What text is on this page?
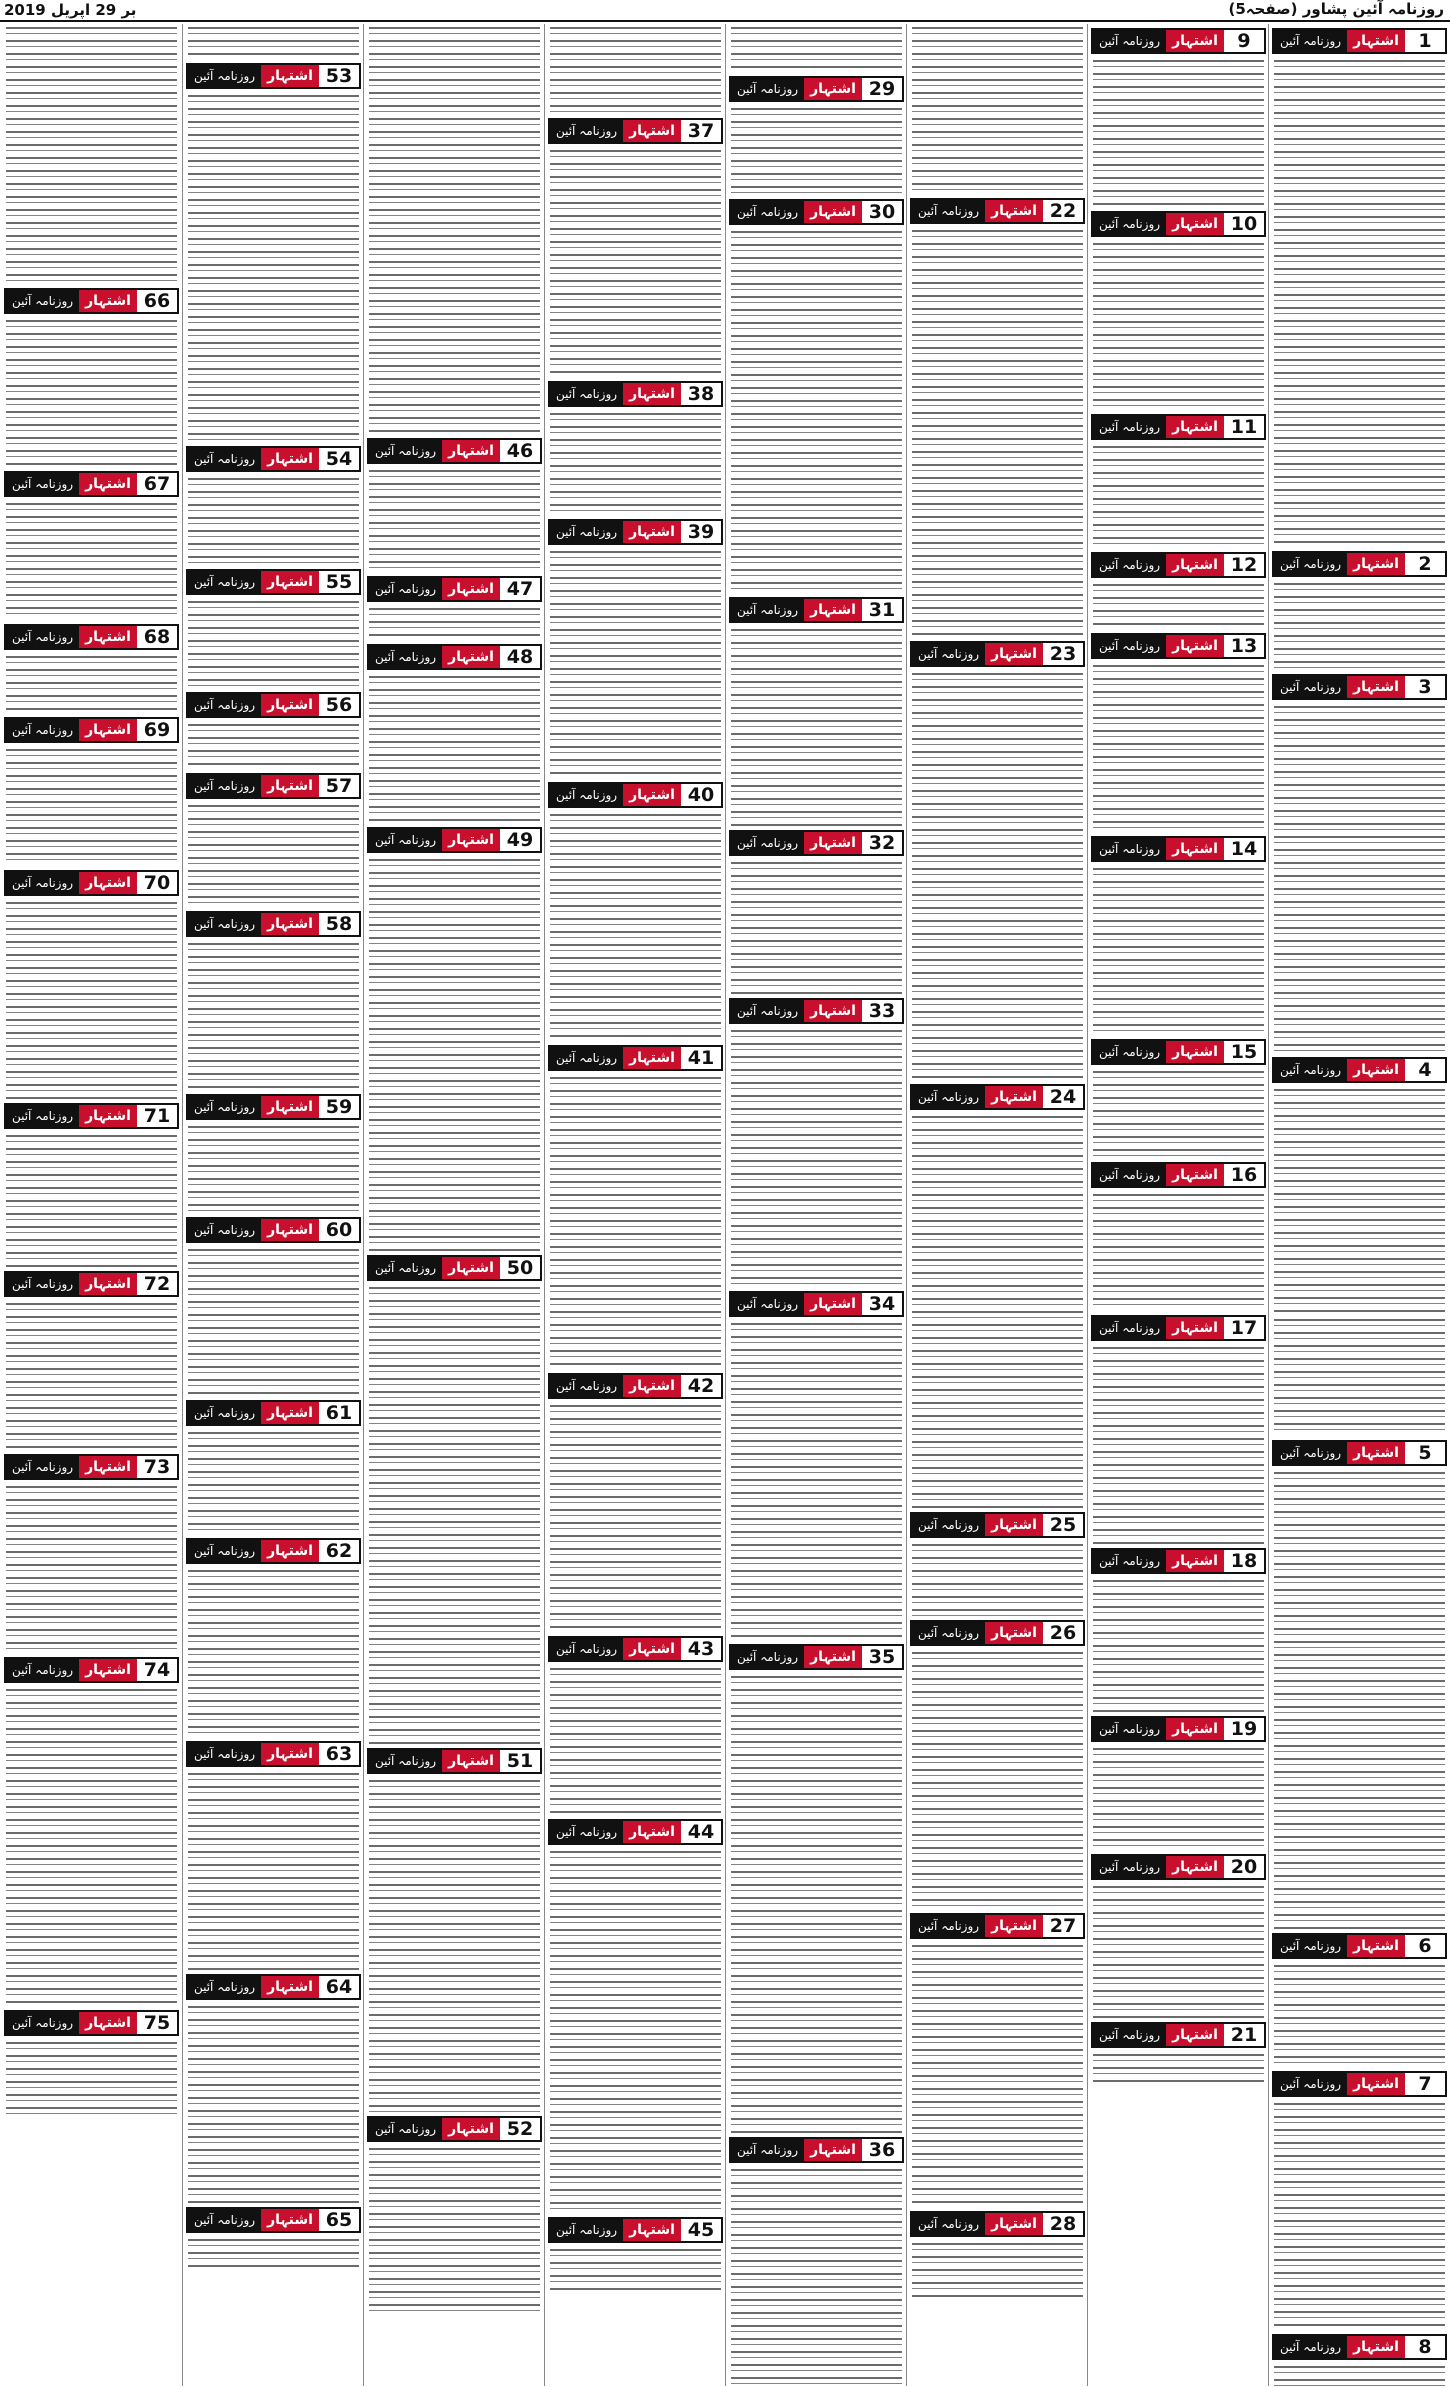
2019 بر 29 اپریل	روزنامہ آئین پشاور (صفحہ5)
1
اشتہار
روزنامہ آئین
2
اشتہار
روزنامہ آئین
3
اشتہار
روزنامہ آئین
4
اشتہار
روزنامہ آئین
5
اشتہار
روزنامہ آئین
6
اشتہار
روزنامہ آئین
7
اشتہار
روزنامہ آئین
8
اشتہار
روزنامہ آئین
9
اشتہار
روزنامہ آئین
10
اشتہار
روزنامہ آئین
11
اشتہار
روزنامہ آئین
12
اشتہار
روزنامہ آئین
13
اشتہار
روزنامہ آئین
14
اشتہار
روزنامہ آئین
15
اشتہار
روزنامہ آئین
16
اشتہار
روزنامہ آئین
17
اشتہار
روزنامہ آئین
18
اشتہار
روزنامہ آئین
19
اشتہار
روزنامہ آئین
20
اشتہار
روزنامہ آئین
21
اشتہار
روزنامہ آئین
22
اشتہار
روزنامہ آئین
23
اشتہار
روزنامہ آئین
24
اشتہار
روزنامہ آئین
25
اشتہار
روزنامہ آئین
26
اشتہار
روزنامہ آئین
27
اشتہار
روزنامہ آئین
28
اشتہار
روزنامہ آئین
29
اشتہار
روزنامہ آئین
30
اشتہار
روزنامہ آئین
31
اشتہار
روزنامہ آئین
32
اشتہار
روزنامہ آئین
33
اشتہار
روزنامہ آئین
34
اشتہار
روزنامہ آئین
35
اشتہار
روزنامہ آئین
36
اشتہار
روزنامہ آئین
37
اشتہار
روزنامہ آئین
38
اشتہار
روزنامہ آئین
39
اشتہار
روزنامہ آئین
40
اشتہار
روزنامہ آئین
41
اشتہار
روزنامہ آئین
42
اشتہار
روزنامہ آئین
43
اشتہار
روزنامہ آئین
44
اشتہار
روزنامہ آئین
45
اشتہار
روزنامہ آئین
46
اشتہار
روزنامہ آئین
47
اشتہار
روزنامہ آئین
48
اشتہار
روزنامہ آئین
49
اشتہار
روزنامہ آئین
50
اشتہار
روزنامہ آئین
51
اشتہار
روزنامہ آئین
52
اشتہار
روزنامہ آئین
53
اشتہار
روزنامہ آئین
54
اشتہار
روزنامہ آئین
55
اشتہار
روزنامہ آئین
56
اشتہار
روزنامہ آئین
57
اشتہار
روزنامہ آئین
58
اشتہار
روزنامہ آئین
59
اشتہار
روزنامہ آئین
60
اشتہار
روزنامہ آئین
61
اشتہار
روزنامہ آئین
62
اشتہار
روزنامہ آئین
63
اشتہار
روزنامہ آئین
64
اشتہار
روزنامہ آئین
65
اشتہار
روزنامہ آئین
66
اشتہار
روزنامہ آئین
67
اشتہار
روزنامہ آئین
68
اشتہار
روزنامہ آئین
69
اشتہار
روزنامہ آئین
70
اشتہار
روزنامہ آئین
71
اشتہار
روزنامہ آئین
72
اشتہار
روزنامہ آئین
73
اشتہار
روزنامہ آئین
74
اشتہار
روزنامہ آئین
75
اشتہار
روزنامہ آئین
